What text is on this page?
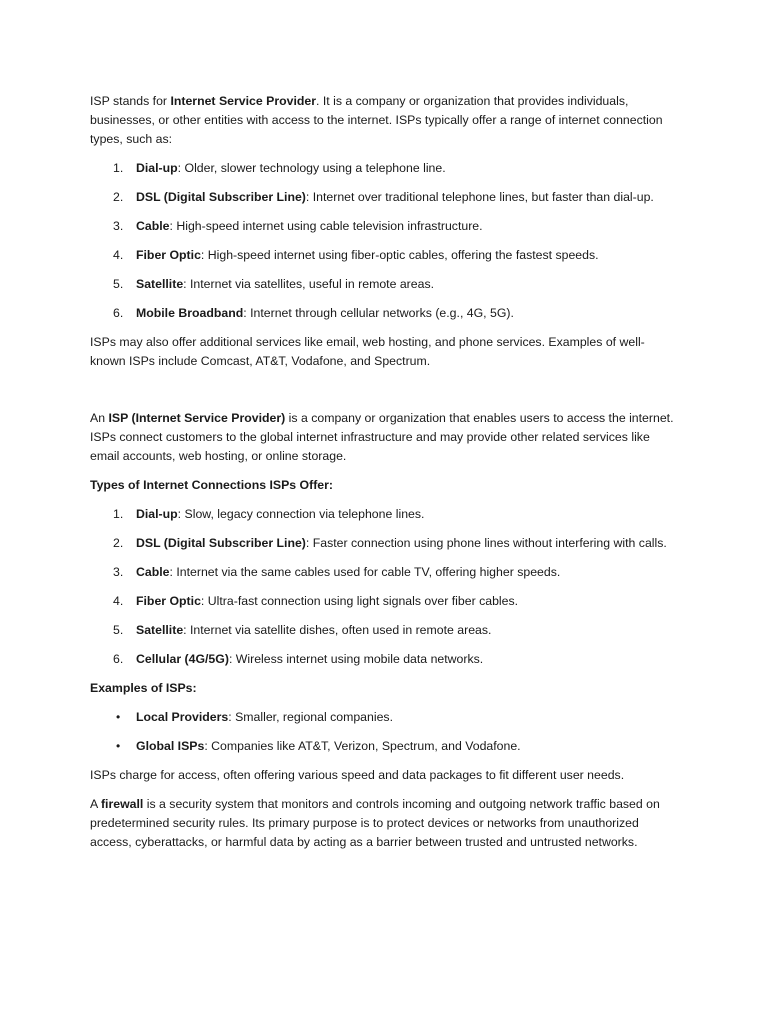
ISP stands for Internet Service Provider. It is a company or organization that provides individuals, businesses, or other entities with access to the internet. ISPs typically offer a range of internet connection types, such as:

1. Dial-up: Older, slower technology using a telephone line.
2. DSL (Digital Subscriber Line): Internet over traditional telephone lines, but faster than dial-up.
3. Cable: High-speed internet using cable television infrastructure.
4. Fiber Optic: High-speed internet using fiber-optic cables, offering the fastest speeds.
5. Satellite: Internet via satellites, useful in remote areas.
6. Mobile Broadband: Internet through cellular networks (e.g., 4G, 5G).

ISPs may also offer additional services like email, web hosting, and phone services. Examples of well-known ISPs include Comcast, AT&T, Vodafone, and Spectrum.

An ISP (Internet Service Provider) is a company or organization that enables users to access the internet. ISPs connect customers to the global internet infrastructure and may provide other related services like email accounts, web hosting, or online storage.

Types of Internet Connections ISPs Offer:

1. Dial-up: Slow, legacy connection via telephone lines.
2. DSL (Digital Subscriber Line): Faster connection using phone lines without interfering with calls.
3. Cable: Internet via the same cables used for cable TV, offering higher speeds.
4. Fiber Optic: Ultra-fast connection using light signals over fiber cables.
5. Satellite: Internet via satellite dishes, often used in remote areas.
6. Cellular (4G/5G): Wireless internet using mobile data networks.

Examples of ISPs:

• Local Providers: Smaller, regional companies.
• Global ISPs: Companies like AT&T, Verizon, Spectrum, and Vodafone.

ISPs charge for access, often offering various speed and data packages to fit different user needs.

A firewall is a security system that monitors and controls incoming and outgoing network traffic based on predetermined security rules. Its primary purpose is to protect devices or networks from unauthorized access, cyberattacks, or harmful data by acting as a barrier between trusted and untrusted networks.
